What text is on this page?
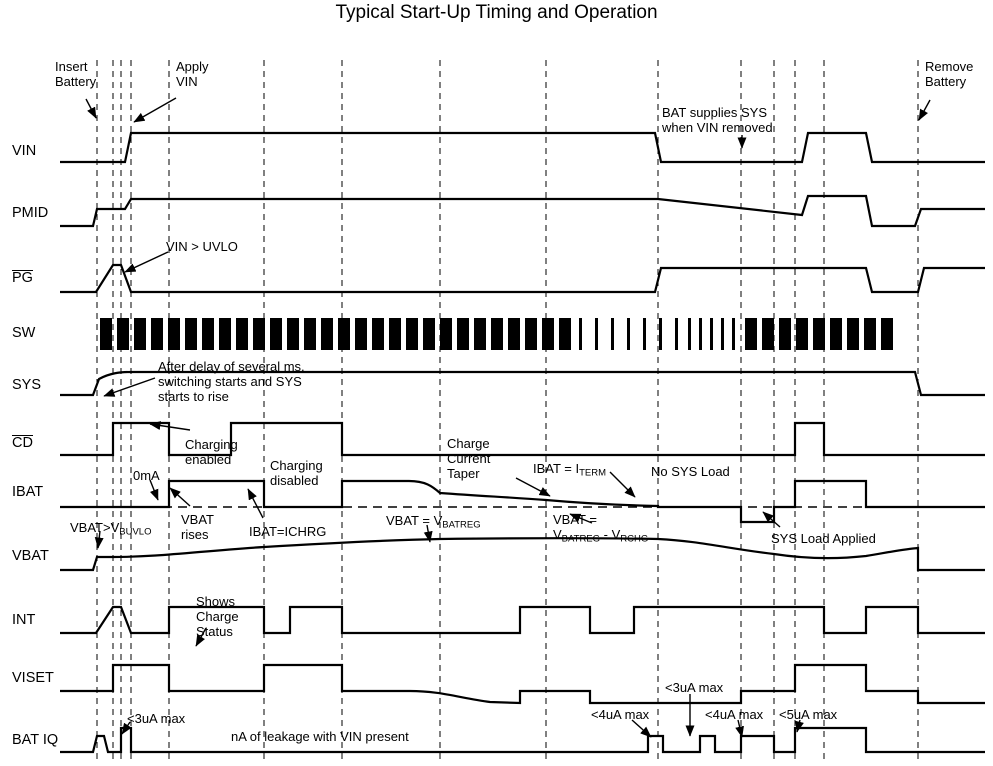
Typical Start-Up Timing and Operation
VIN
PMID
PG
SW
SYS
CD
IBAT
VBAT
INT
VISET
BAT IQ
Insert
Battery
Apply
VIN
Remove
Battery
BAT supplies SYS
when VIN removed
VIN > UVLO
After delay of several ms,
switching starts and SYS
starts to rise
Charging
enabled	Charging
disabled
Charge
Current
Taper	No SYS Load
0mA
VBAT
rises	IBAT=ICHRG	SYS Load Applied
Shows
Charge
Status
nA of leakage with VIN present
<3uA max	<4uA max
<3uA max
<4uA max <5uA max
IBAT = $I_{TERM}$
$VBAT>V_{BUVLO}$
VBAT = $V_{BATREG}$	VBAT =
$V_{BATREG} - V_{RCHG}$
